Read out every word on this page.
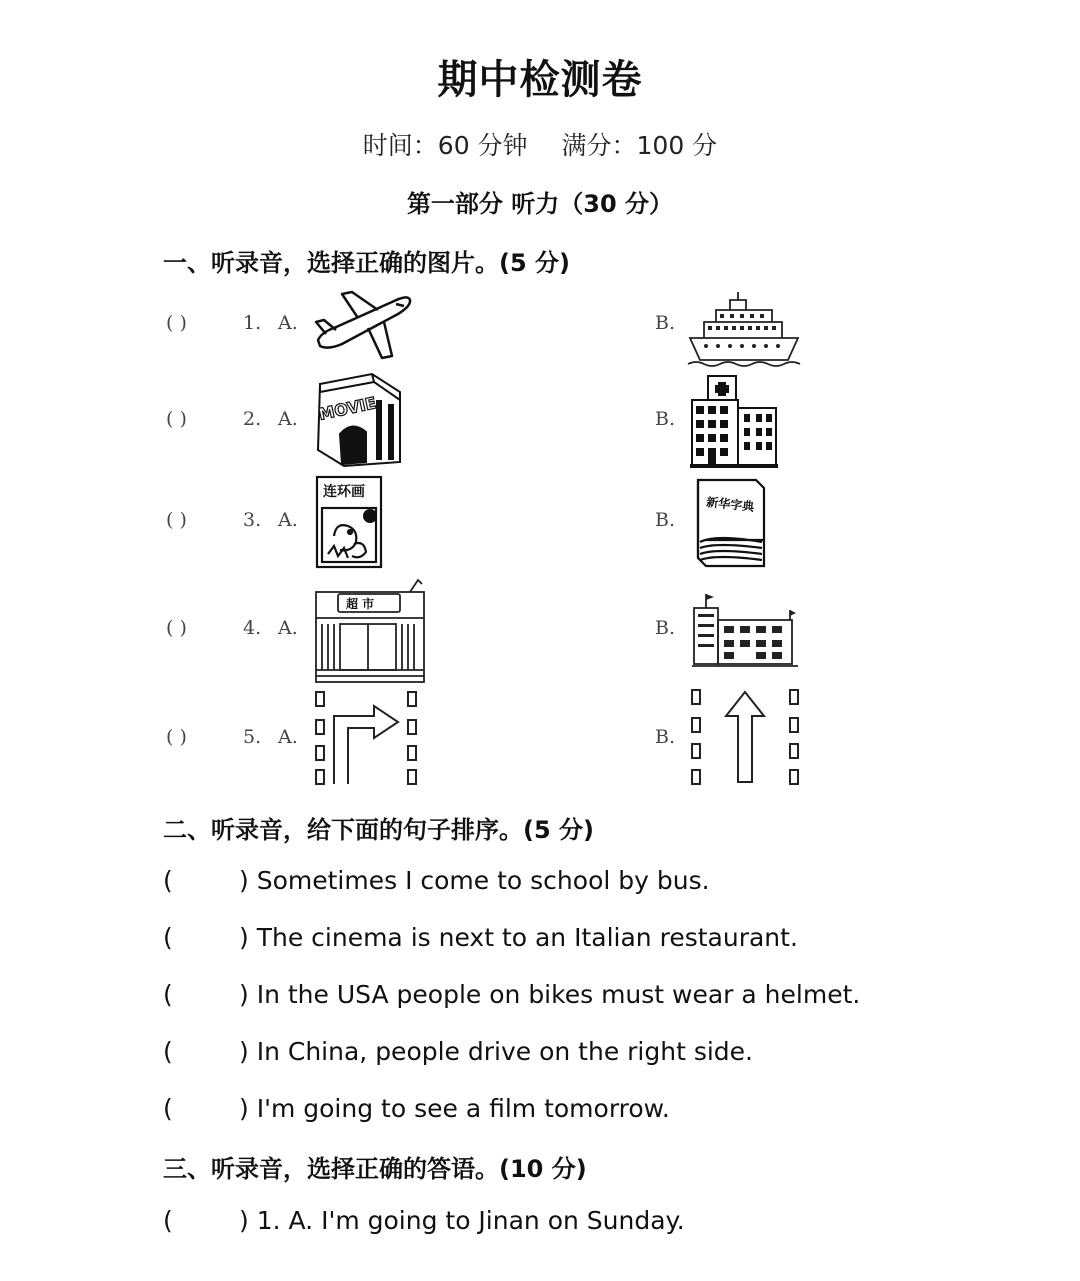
期中检测卷
时间：60 分钟 满分：100 分
第一部分 听力（30 分）
一、听录音，选择正确的图片。(5 分)
( )	1. A.	B.
( )	2. A.	B.
MOVIE
( )	3. A.	B.
连环画
新华字典
( )	4. A.	B.
超 市
( )	5. A.	B.
二、听录音，给下面的句子排序。(5 分)
(	) Sometimes I come to school by bus.
(	) The cinema is next to an Italian restaurant.
(	) In the USA people on bikes must wear a helmet.
(	) In China, people drive on the right side.
(	) I'm going to see a film tomorrow.
三、听录音，选择正确的答语。(10 分)
(	) 1. A. I'm going to Jinan on Sunday.
